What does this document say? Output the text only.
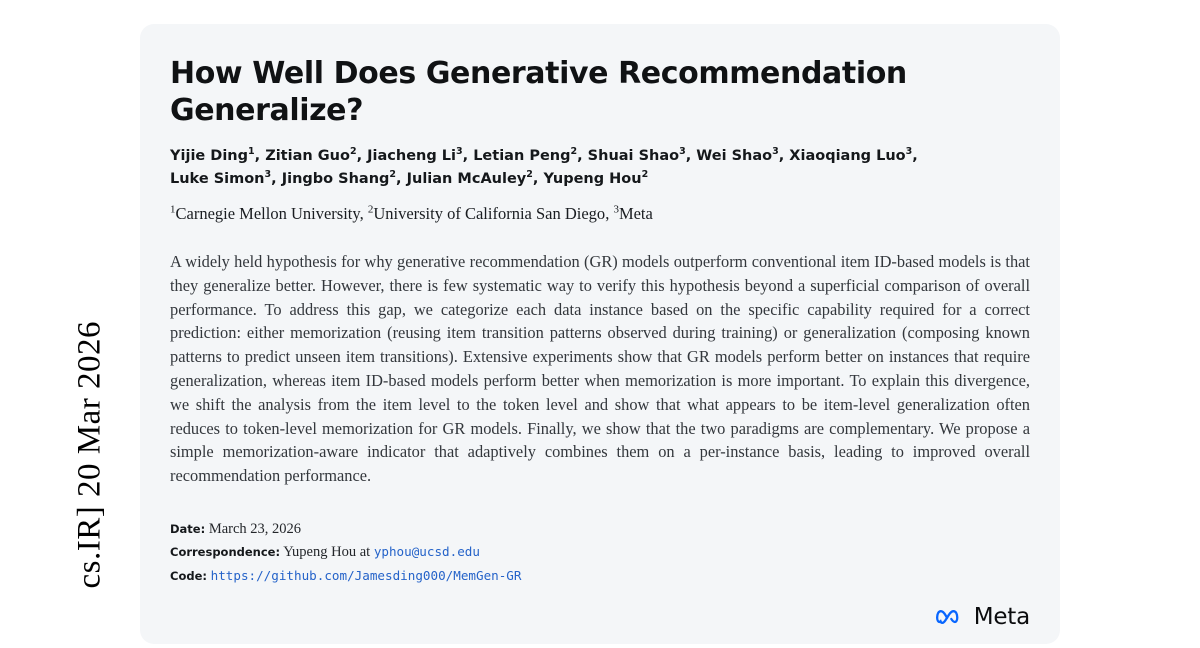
cs.IR] 20 Mar 2026
How Well Does Generative Recommendation Generalize?
Yijie Ding$^1$, Zitian Guo$^2$, Jiacheng Li$^3$, Letian Peng$^2$, Shuai Shao$^3$, Wei Shao$^3$, Xiaoqiang Luo$^3$,
Luke Simon$^3$, Jingbo Shang$^2$, Julian McAuley$^2$, Yupeng Hou$^2$
$^1$Carnegie Mellon University, $^2$University of California San Diego, $^3$Meta
A widely held hypothesis for why generative recommendation (GR) models outperform conventional item ID-based models is that they generalize better. However, there is few systematic way to verify this hypothesis beyond a superficial comparison of overall performance. To address this gap, we categorize each data instance based on the specific capability required for a correct prediction: either memorization (reusing item transition patterns observed during training) or generalization (composing known patterns to predict unseen item transitions). Extensive experiments show that GR models perform better on instances that require generalization, whereas item ID-based models perform better when memorization is more important. To explain this divergence, we shift the analysis from the item level to the token level and show that what appears to be item-level generalization often reduces to token-level memorization for GR models. Finally, we show that the two paradigms are complementary. We propose a simple memorization-aware indicator that adaptively combines them on a per-instance basis, leading to improved overall recommendation performance.
Date: March 23, 2026
Correspondence: Yupeng Hou at yphou@ucsd.edu
Code: https://github.com/Jamesding000/MemGen-GR
Meta
